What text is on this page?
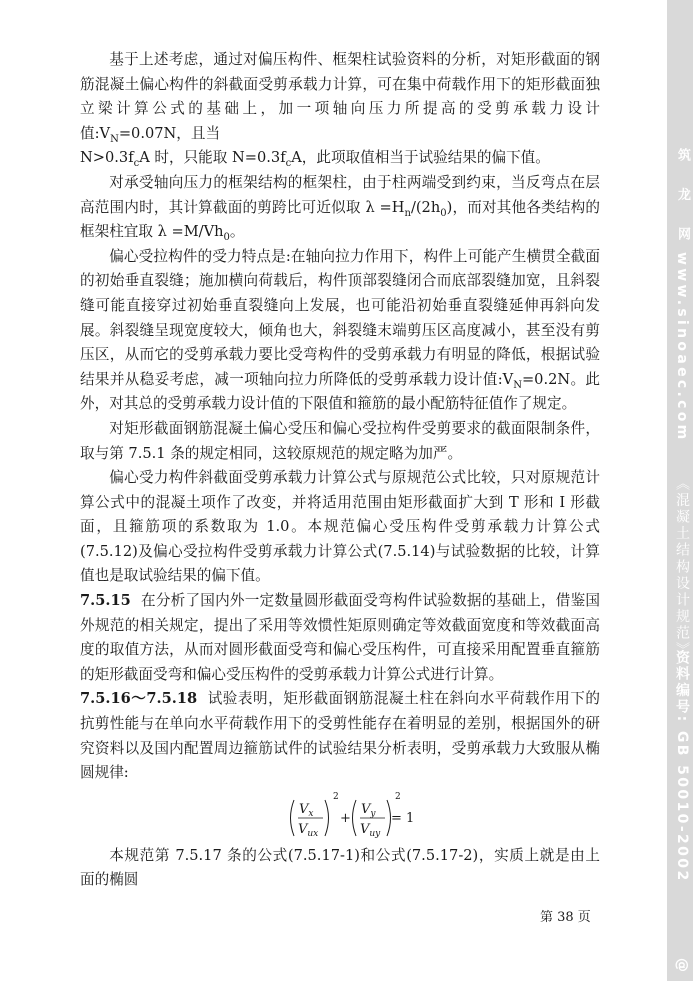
筑 龙 网
www.sinoaec.com
《混凝土结构设计规范》
资料编号: GB 50010-2002
@

基于上述考虑，通过对偏压构件、框架柱试验资料的分析，对矩形截面的钢筋混凝土偏心构件的斜截面受剪承载力计算，可在集中荷载作用下的矩形截面独立梁计算公式的基础上，加一项轴向压力所提高的受剪承载力设计值$:V_N=0.07N$，且当

$N>0.3f_cA$ 时，只能取 $N=0.3f_cA$，此项取值相当于试验结果的偏下值。

对承受轴向压力的框架结构的框架柱，由于柱两端受到约束，当反弯点在层高范围内时，其计算截面的剪跨比可近似取 $\lambda =H_n/(2h_0)$，而对其他各类结构的框架柱宜取 $\lambda =M/Vh_0$。

偏心受拉构件的受力特点是:在轴向拉力作用下，构件上可能产生横贯全截面的初始垂直裂缝；施加横向荷载后，构件顶部裂缝闭合而底部裂缝加宽，且斜裂缝可能直接穿过初始垂直裂缝向上发展，也可能沿初始垂直裂缝延伸再斜向发展。斜裂缝呈现宽度较大，倾角也大，斜裂缝末端剪压区高度减小，甚至没有剪压区，从而它的受剪承载力要比受弯构件的受剪承载力有明显的降低，根据试验结果并从稳妥考虑，减一项轴向拉力所降低的受剪承载力设计值$:V_N=0.2N$。此外，对其总的受剪承载力设计值的下限值和箍筋的最小配筋特征值作了规定。

对矩形截面钢筋混凝土偏心受压和偏心受拉构件受剪要求的截面限制条件，取与第 7.5.1 条的规定相同，这较原规范的规定略为加严。

偏心受力构件斜截面受剪承载力计算公式与原规范公式比较，只对原规范计算公式中的混凝土项作了改变，并将适用范围由矩形截面扩大到 T 形和 I 形截面，且箍筋项的系数取为 1.0。本规范偏心受压构件受剪承载力计算公式(7.5.12)及偏心受拉构件受剪承载力计算公式(7.5.14)与试验数据的比较，计算值也是取试验结果的偏下值。

7.5.15 在分析了国内外一定数量圆形截面受弯构件试验数据的基础上，借鉴国外规范的相关规定，提出了采用等效惯性矩原则确定等效截面宽度和等效截面高度的取值方法，从而对圆形截面受弯和偏心受压构件，可直接采用配置垂直箍筋的矩形截面受弯和偏心受压构件的受剪承载力计算公式进行计算。

7.5.16～7.5.18 试验表明，矩形截面钢筋混凝土柱在斜向水平荷载作用下的抗剪性能与在单向水平荷载作用下的受剪性能存在着明显的差别，根据国外的研究资料以及国内配置周边箍筋试件的试验结果分析表明，受剪承载力大致服从椭圆规律:

$V_x$
$V_{ux}$
2
+
$V_y$
$V_{uy}$
2
= 1

本规范第 7.5.17 条的公式(7.5.17-1)和公式(7.5.17-2)，实质上就是由上面的椭圆

第 38 页
